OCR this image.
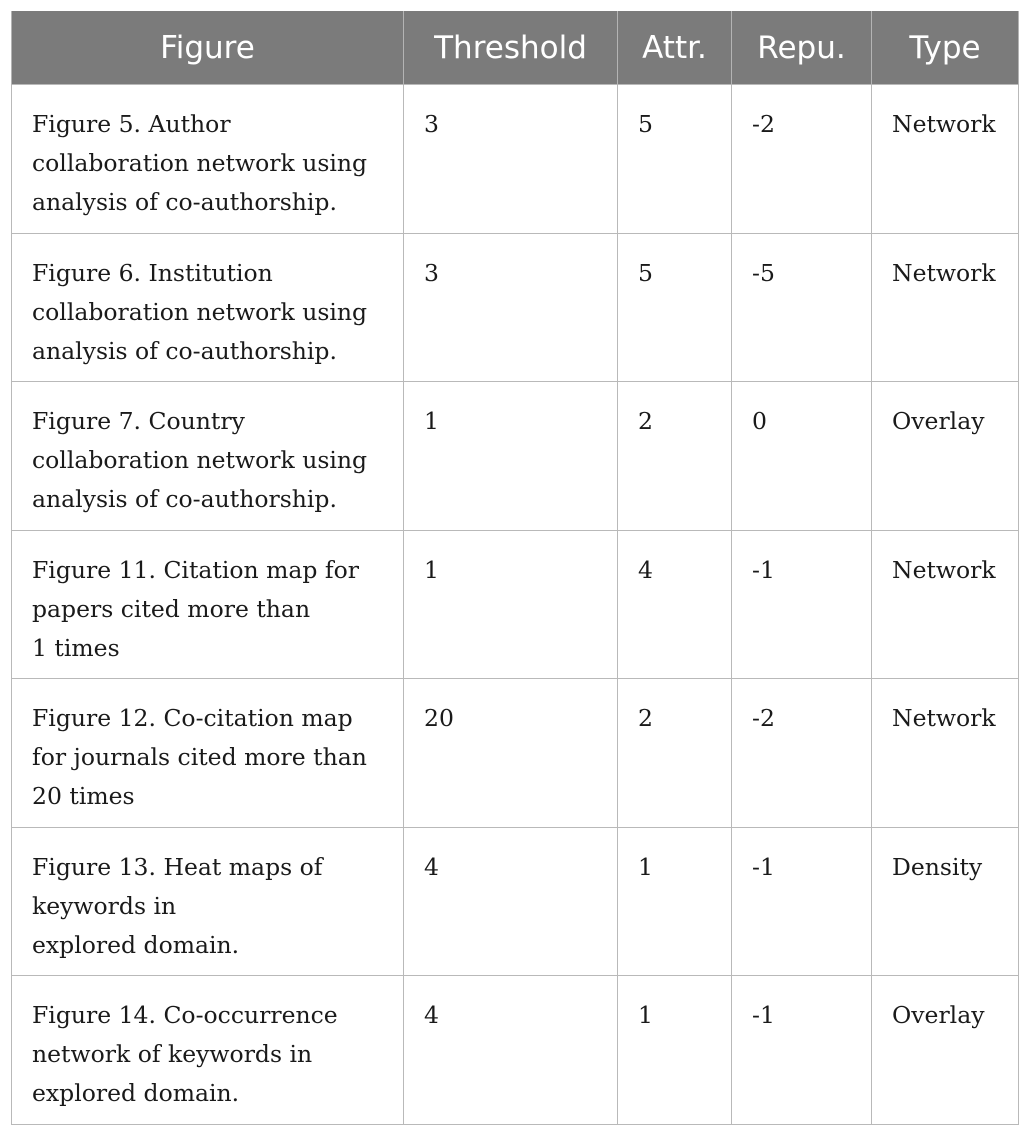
Figure	Threshold	Attr.	Repu.	Type

Figure 5. Author
collaboration network using
analysis of co-authorship.	3	5	-2	Network

Figure 6. Institution
collaboration network using
analysis of co-authorship.	3	5	-5	Network

Figure 7. Country
collaboration network using
analysis of co-authorship.	1	2	0	Overlay

Figure 11. Citation map for
papers cited more than
1 times	1	4	-1	Network

Figure 12. Co-citation map
for journals cited more than
20 times	20	2	-2	Network

Figure 13. Heat maps of
keywords in
explored domain.	4	1	-1	Density

Figure 14. Co-occurrence
network of keywords in
explored domain.	4	1	-1	Overlay
